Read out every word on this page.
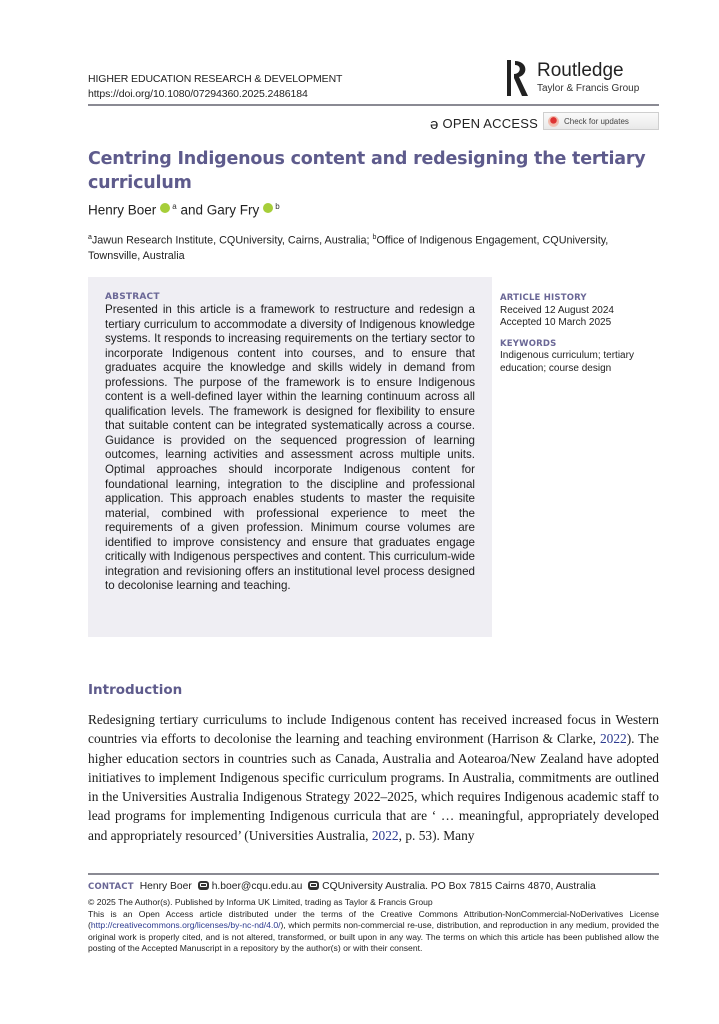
HIGHER EDUCATION RESEARCH & DEVELOPMENT
https://doi.org/10.1080/07294360.2025.2486184
Routledge
Taylor & Francis Group
ə OPEN ACCESS	Check for updates
Centring Indigenous content and redesigning the tertiary curriculum
Henry Boer $^a$ and Gary Fry $^b$
$^a$Jawun Research Institute, CQUniversity, Cairns, Australia; $^b$Office of Indigenous Engagement, CQUniversity, Townsville, Australia
ABSTRACT
Presented in this article is a framework to restructure and redesign a tertiary curriculum to accommodate a diversity of Indigenous knowledge systems. It responds to increasing requirements on the tertiary sector to incorporate Indigenous content into courses, and to ensure that graduates acquire the knowledge and skills widely in demand from professions. The purpose of the framework is to ensure Indigenous content is a well-defined layer within the learning continuum across all qualification levels. The framework is designed for flexibility to ensure that suitable content can be integrated systematically across a course. Guidance is provided on the sequenced progression of learning outcomes, learning activities and assessment across multiple units. Optimal approaches should incorporate Indigenous content for foundational learning, integration to the discipline and professional application. This approach enables students to master the requisite material, combined with professional experience to meet the requirements of a given profession. Minimum course volumes are identified to improve consistency and ensure that graduates engage critically with Indigenous perspectives and content. This curriculum-wide integration and revisioning offers an institutional level process designed to decolonise learning and teaching.
ARTICLE HISTORY
Received 12 August 2024
Accepted 10 March 2025
KEYWORDS
Indigenous curriculum; tertiary education; course design
Introduction
Redesigning tertiary curriculums to include Indigenous content has received increased focus in Western countries via efforts to decolonise the learning and teaching environment (Harrison & Clarke, 2022). The higher education sectors in countries such as Canada, Australia and Aotearoa/New Zealand have adopted initiatives to implement Indigenous specific curriculum programs. In Australia, commitments are outlined in the Universities Australia Indigenous Strategy 2022–2025, which requires Indigenous academic staff to lead programs for implementing Indigenous curricula that are ‘ … meaningful, appropriately developed and appropriately resourced’ (Universities Australia, 2022, p. 53). Many
CONTACT Henry Boer h.boer@cqu.edu.au CQUniversity Australia. PO Box 7815 Cairns 4870, Australia
© 2025 The Author(s). Published by Informa UK Limited, trading as Taylor & Francis Group
This is an Open Access article distributed under the terms of the Creative Commons Attribution-NonCommercial-NoDerivatives License (http://creativecommons.org/licenses/by-nc-nd/4.0/), which permits non-commercial re-use, distribution, and reproduction in any medium, provided the original work is properly cited, and is not altered, transformed, or built upon in any way. The terms on which this article has been published allow the posting of the Accepted Manuscript in a repository by the author(s) or with their consent.
